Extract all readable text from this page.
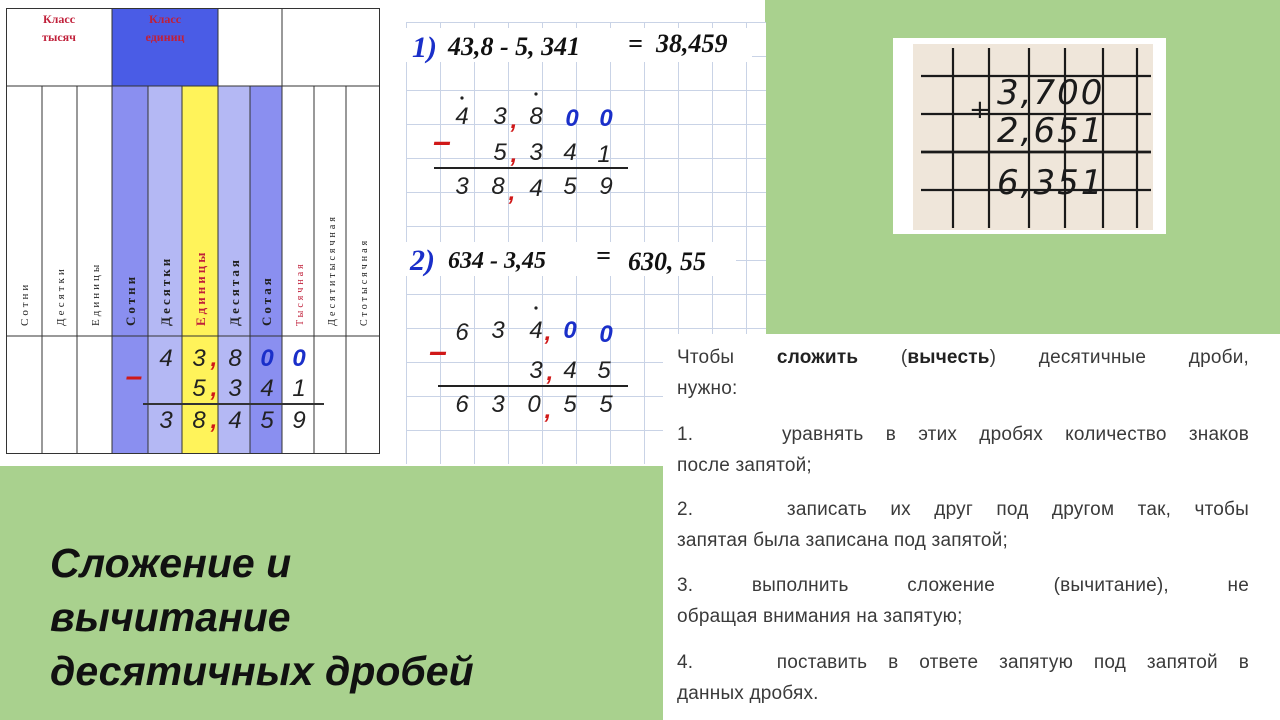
Класс
тысяч
Класс
единиц
Сотни Десятки Единицы Сотни Десятки Единицы Десятая Сотая Тысячная Десятитысячная Стотысячная
–
4 3 , 8 0 0
5 , 3 4 1
3 8 , 4 5 9
1) 43,8 - 5, 341 = 38,459
–
4 3 , 8 0 0
5 , 3 4 1
3 8 , 4 5 9
2) 634 - 3,45 = 630, 55
–
6 3 4 , 0 0
3 , 4 5
6 3 0 , 5 5
+ 3,700
2,651
6,351
Чтобы сложить (вычесть) десятичные дроби,
нужно:
1.    уравнять в этих дробях количество знаков
после запятой;
2.    записать их друг под другом так, чтобы
запятая была записана под запятой;
3.    выполнить    сложение    (вычитание),    не
обращая внимания на запятую;
4.    поставить в ответе запятую под запятой в
данных дробях.
Сложение и
вычитание
десятичных дробей
